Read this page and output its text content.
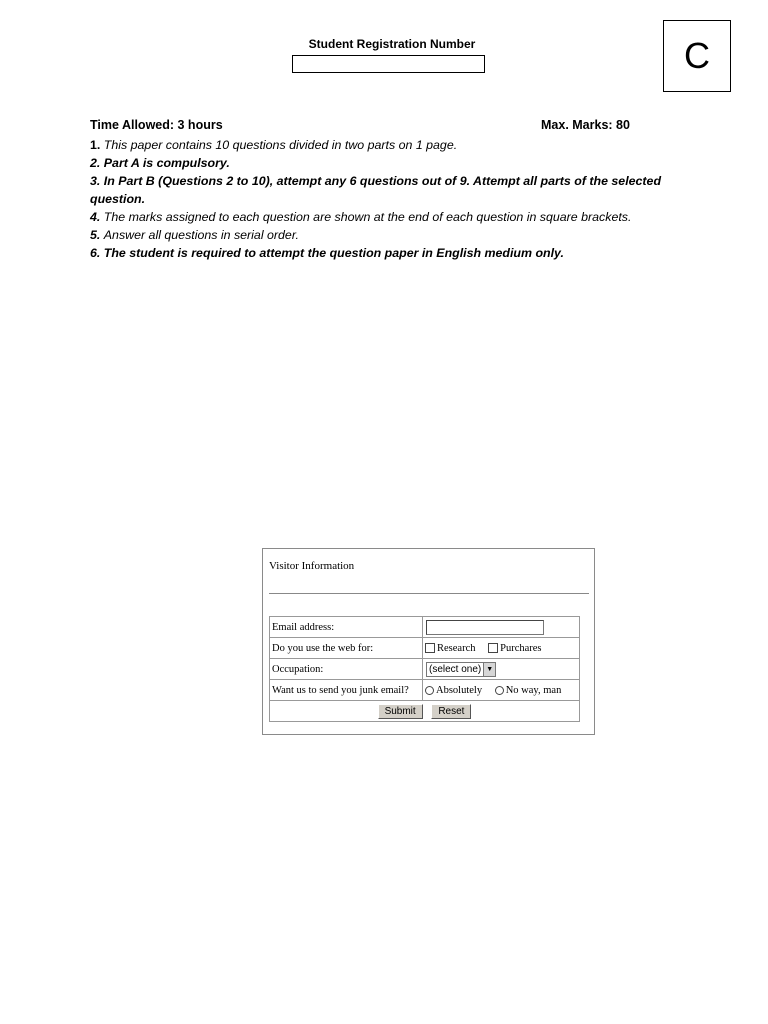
Student Registration Number	C
Time Allowed: 3 hours	Max. Marks: 80
1. This paper contains 10 questions divided in two parts on 1 page.
2. Part A is compulsory.
3. In Part B (Questions 2 to 10), attempt any 6 questions out of 9. Attempt all parts of the selected question.
4. The marks assigned to each question are shown at the end of each question in square brackets.
5. Answer all questions in serial order.
6. The student is required to attempt the question paper in English medium only.
Visitor Information
Email address:	
Do you use the web for:	Research Purchares
Occupation:	(select one) ▼

Want us to send you junk email?	Absolutely No way, man
Submit Reset	
